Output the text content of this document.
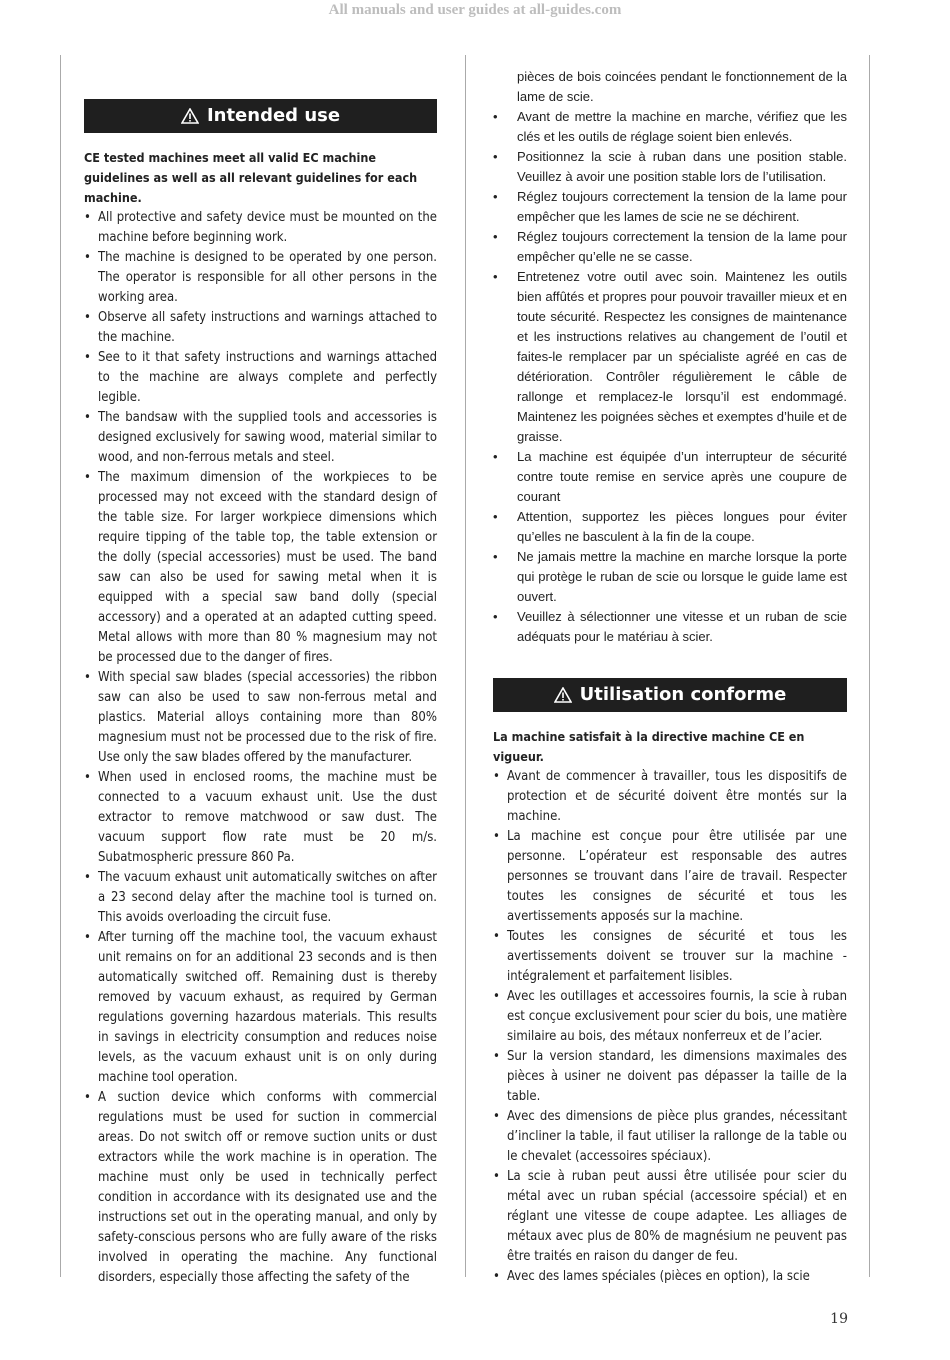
All manuals and user guides at all-guides.com
Intended use
CE tested machines meet all valid EC machine guidelines as well as all relevant guidelines for each machine.
• All protective and safety device must be mounted on the machine before beginning work.
• The machine is designed to be operated by one person. The operator is responsible for all other persons in the working area.
• Observe all safety instructions and warnings attached to the machine.
• See to it that safety instructions and warnings attached to the machine are always complete and perfectly legible.
• The bandsaw with the supplied tools and accessories is designed exclusively for sawing wood, material similar to wood, and non-ferrous metals and steel.
• The maximum dimension of the workpieces to be processed may not exceed with the standard design of the table size. For larger workpiece dimensions which require tipping of the table top, the table extension or the dolly (special accessories) must be used. The band saw can also be used for sawing metal when it is equipped with a special saw band dolly (special accessory) and a operated at an adapted cutting speed. Metal allows with more than 80 % magnesium may not be processed due to the danger of fires.
• With special saw blades (special accessories) the ribbon saw can also be used to saw non-ferrous metal and plastics. Material alloys containing more than 80% magnesium must not be processed due to the risk of fire. Use only the saw blades offered by the manufacturer.
• When used in enclosed rooms, the machine must be connected to a vacuum exhaust unit. Use the dust extractor to remove matchwood or saw dust. The vacuum support flow rate must be 20 m/s. Subatmospheric pressure 860 Pa.
• The vacuum exhaust unit automatically switches on after a 23 second delay after the machine tool is turned on. This avoids overloading the circuit fuse.
• After turning off the machine tool, the vacuum exhaust unit remains on for an additional 23 seconds and is then automatically switched off. Remaining dust is thereby removed by vacuum exhaust, as required by German regulations governing hazardous materials. This results in savings in electricity consumption and reduces noise levels, as the vacuum exhaust unit is on only during machine tool operation.
• A suction device which conforms with commercial regulations must be used for suction in commercial areas. Do not switch off or remove suction units or dust extractors while the work machine is in operation. The machine must only be used in technically perfect condition in accordance with its designated use and the instructions set out in the operating manual, and only by safety-conscious persons who are fully aware of the risks involved in operating the machine. Any functional disorders, especially those affecting the safety of the
pièces de bois coincées pendant le fonctionnement de la lame de scie.
• Avant de mettre la machine en marche, vérifiez que les clés et les outils de réglage soient bien enlevés.
• Positionnez la scie à ruban dans une position stable. Veuillez à avoir une position stable lors de l’utilisation.
• Réglez toujours correctement la tension de la lame pour empêcher que les lames de scie ne se déchirent.
• Réglez toujours correctement la tension de la lame pour empêcher qu’elle ne se casse.
• Entretenez votre outil avec soin. Maintenez les outils bien affûtés et propres pour pouvoir travailler mieux et en toute sécurité. Respectez les consignes de maintenance et les instructions relatives au changement de l’outil et faites-le remplacer par un spécialiste agréé en cas de détérioration. Contrôler régulièrement le câble de rallonge et remplacez-le lorsqu’il est endommagé. Maintenez les poignées sèches et exemptes d’huile et de graisse.
• La machine est équipée d’un interrupteur de sécurité contre toute remise en service après une coupure de courant
• Attention, supportez les pièces longues pour éviter qu’elles ne basculent à la fin de la coupe.
• Ne jamais mettre la machine en marche lorsque la porte qui protège le ruban de scie ou lorsque le guide lame est ouvert.
• Veuillez à sélectionner une vitesse et un ruban de scie adéquats pour le matériau à scier.
Utilisation conforme
La machine satisfait à la directive machine CE en vigueur.
• Avant de commencer à travailler, tous les dispositifs de protection et de sécurité doivent être montés sur la machine.
• La machine est conçue pour être utilisée par une personne. L’opérateur est responsable des autres personnes se trouvant dans l’aire de travail. Respecter toutes les consignes de sécurité et tous les avertissements apposés sur la machine.
• Toutes les consignes de sécurité et tous les avertissements doivent se trouver sur la machine - intégralement et parfaitement lisibles.
• Avec les outillages et accessoires fournis, la scie à ruban est conçue exclusivement pour scier du bois, une matière similaire au bois, des métaux nonferreux et de l’acier.
• Sur la version standard, les dimensions maximales des pièces à usiner ne doivent pas dépasser la taille de la table.
• Avec des dimensions de pièce plus grandes, nécessitant d’incliner la table, il faut utiliser la rallonge de la table ou le chevalet (accessoires spéciaux).
• La scie à ruban peut aussi être utilisée pour scier du métal avec un ruban spécial (accessoire spécial) et en réglant une vitesse de coupe adaptee. Les alliages de métaux avec plus de 80% de magnésium ne peuvent pas être traités en raison du danger de feu.
• Avec des lames spéciales (pièces en option), la scie
19
